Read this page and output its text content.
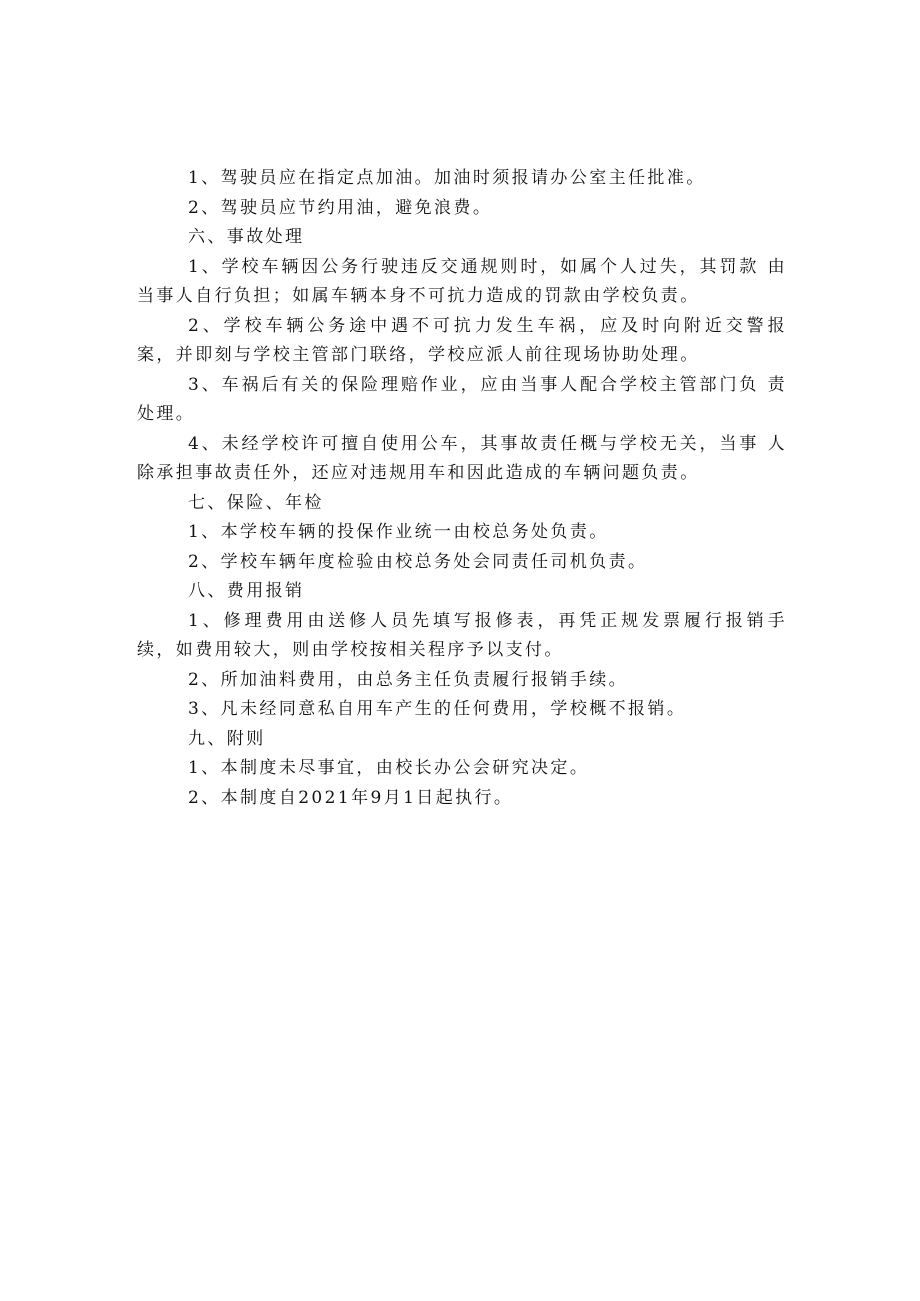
1、驾驶员应在指定点加油。加油时须报请办公室主任批准。

2、驾驶员应节约用油，避免浪费。

六、事故处理

1、学校车辆因公务行驶违反交通规则时，如属个人过失，其罚款 由当事人自行负担；如属车辆本身不可抗力造成的罚款由学校负责。

2、学校车辆公务途中遇不可抗力发生车祸，应及时向附近交警报 案，并即刻与学校主管部门联络，学校应派人前往现场协助处理。

3、车祸后有关的保险理赔作业，应由当事人配合学校主管部门负 责处理。

4、未经学校许可擅自使用公车，其事故责任概与学校无关，当事 人除承担事故责任外，还应对违规用车和因此造成的车辆问题负责。

七、保险、年检

1、本学校车辆的投保作业统一由校总务处负责。

2、学校车辆年度检验由校总务处会同责任司机负责。

八、费用报销

1、修理费用由送修人员先填写报修表，再凭正规发票履行报销手 续，如费用较大，则由学校按相关程序予以支付。

2、所加油料费用，由总务主任负责履行报销手续。

3、凡未经同意私自用车产生的任何费用，学校概不报销。

九、附则

1、本制度未尽事宜，由校长办公会研究决定。

2、本制度自2021年9月1日起执行。
